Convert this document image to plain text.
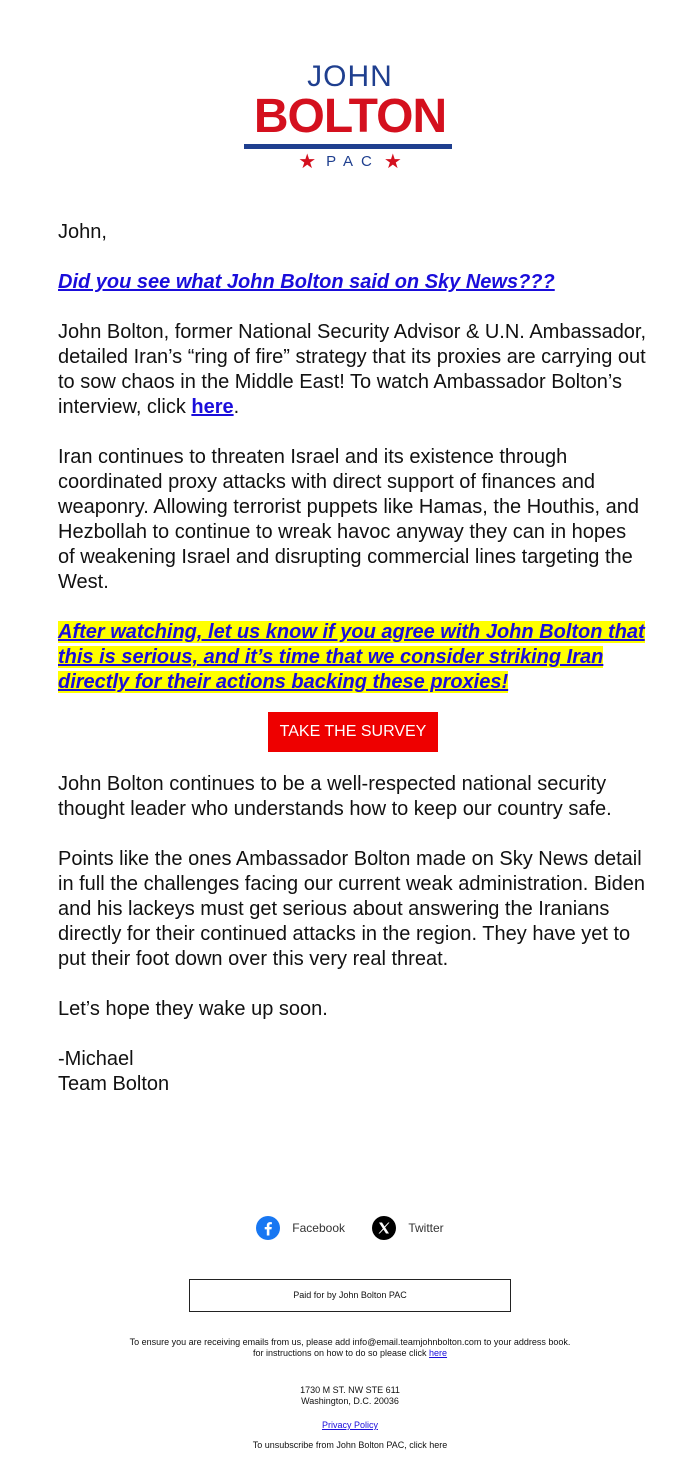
JOHN
BOLTON
★ PAC ★

John,

Did you see what John Bolton said on Sky News???

John Bolton, former National Security Advisor & U.N. Ambassador, detailed Iran’s “ring of fire” strategy that its proxies are carrying out to sow chaos in the Middle East! To watch Ambassador Bolton’s interview, click here.

Iran continues to threaten Israel and its existence through coordinated proxy attacks with direct support of finances and weaponry. Allowing terrorist puppets like Hamas, the Houthis, and Hezbollah to continue to wreak havoc anyway they can in hopes of weakening Israel and disrupting commercial lines targeting the West.

After watching, let us know if you agree with John Bolton that this is serious, and it’s time that we consider striking Iran directly for their actions backing these proxies!

TAKE THE SURVEY

John Bolton continues to be a well-respected national security thought leader who understands how to keep our country safe.

Points like the ones Ambassador Bolton made on Sky News detail in full the challenges facing our current weak administration. Biden and his lackeys must get serious about answering the Iranians directly for their continued attacks in the region. They have yet to put their foot down over this very real threat.

Let’s hope they wake up soon.

-Michael
Team Bolton
Facebook
	Twitter
Paid for by John Bolton PAC
To ensure you are receiving emails from us, please add info@email.teamjohnbolton.com to your address book.
for instructions on how to do so please click here
1730 M ST. NW STE 611
Washington, D.C. 20036
Privacy Policy
To unsubscribe from John Bolton PAC, click here
